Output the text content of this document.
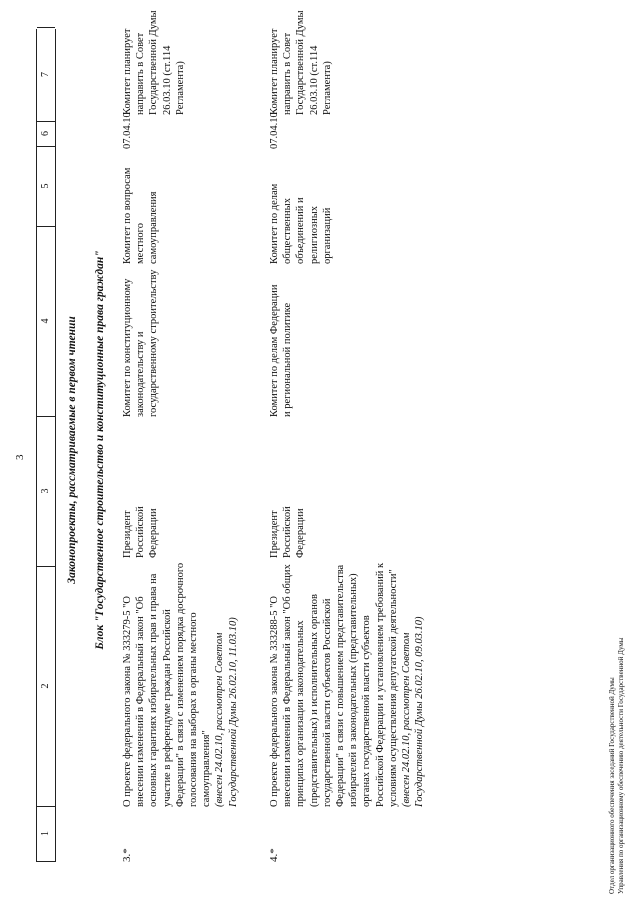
3
1
2
3
4
5
6
7
Законопроекты, рассматриваемые в первом чтении Блок "Государственное строительство и конституционные права граждан"
3.*
О проекте федерального закона № 333279-5 "О внесении изменений в Федеральный закон "Об основных гарантиях избирательных прав и права на участие в референдуме граждан Российской Федерации" в связи с изменением порядка досрочного голосования на выборах в органы местного самоуправления" (внесен 24.02.10, рассмотрен Советом Государственной Думы 26.02.10, 11.03.10)
Президент Российской Федерации
Комитет по конституционному законодательству и государственному строительству
Комитет по вопросам местного самоуправления
07.04.10
Комитет планирует направить в Совет Государственной Думы 26.03.10 (ст.114 Регламента)
4.*
О проекте федерального закона № 333288-5 "О внесении изменений в Федеральный закон "Об общих принципах организации законодательных (представительных) и исполнительных органов государственной власти субъектов Российской Федерации" в связи с повышением представительства избирателей в законодательных (представительных) органах государственной власти субъектов Российской Федерации и установлением требований к условиям осуществления депутатской деятельности" (внесен 24.02.10, рассмотрен Советом Государственной Думы 26.02.10, 09.03.10)
Президент Российской Федерации
Комитет по делам Федерации и региональной политике
Комитет по делам общественных объединений и религиозных организаций
07.04.10
Комитет планирует направить в Совет Государственной Думы 26.03.10 (ст.114 Регламента)
Отдел организационного обеспечения заседаний Государственной Думы Управления по организационному обеспечению деятельности Государственной Думы
